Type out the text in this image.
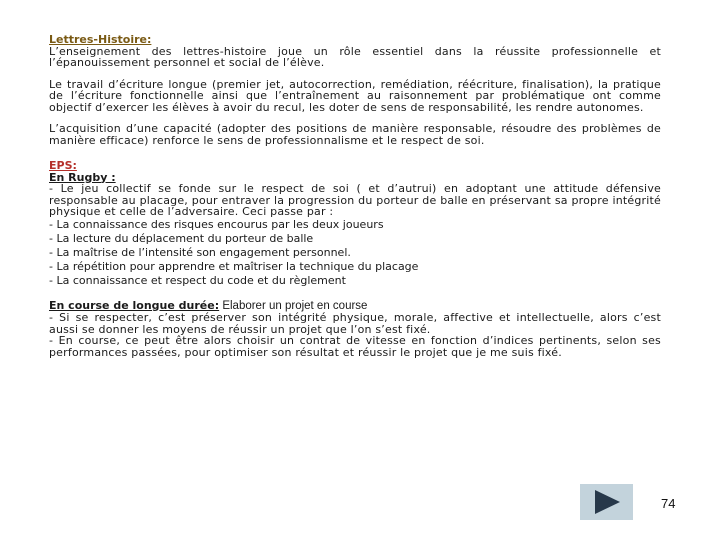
Lettres-Histoire:

L’enseignement des lettres-histoire joue un rôle essentiel dans la réussite professionnelle et l’épanouissement personnel et social de l’élève.

Le travail d’écriture longue (premier jet, autocorrection, remédiation, réécriture, finalisation), la pratique de l’écriture fonctionnelle ainsi que l’entraînement au raisonnement par problématique ont comme objectif d’exercer les élèves à avoir du recul, les doter de sens de responsabilité, les rendre autonomes.

L’acquisition d’une capacité (adopter des positions de manière responsable, résoudre des problèmes de manière efficace) renforce le sens de professionnalisme et le respect de soi.

EPS:
En Rugby :

- Le jeu collectif se fonde sur le respect de soi ( et d’autrui) en adoptant une attitude défensive responsable au placage, pour entraver la progression du porteur de balle en préservant sa propre intégrité physique et celle de l’adversaire. Ceci passe par :

- La connaissance des risques encourus par les deux joueurs
- La lecture du déplacement du porteur de balle
- La maîtrise de l’intensité son engagement personnel.
- La répétition pour apprendre et maîtriser la technique du placage
- La connaissance et respect du code et du règlement
En course de longue durée: Elaborer un projet en course

- Si se respecter, c’est préserver son intégrité physique, morale, affective et intellectuelle, alors c’est aussi se donner les moyens de réussir un projet que l’on s’est fixé.

- En course, ce peut être alors choisir un contrat de vitesse en fonction d’indices pertinents, selon ses performances passées, pour optimiser son résultat et réussir le projet que je me suis fixé.

74
